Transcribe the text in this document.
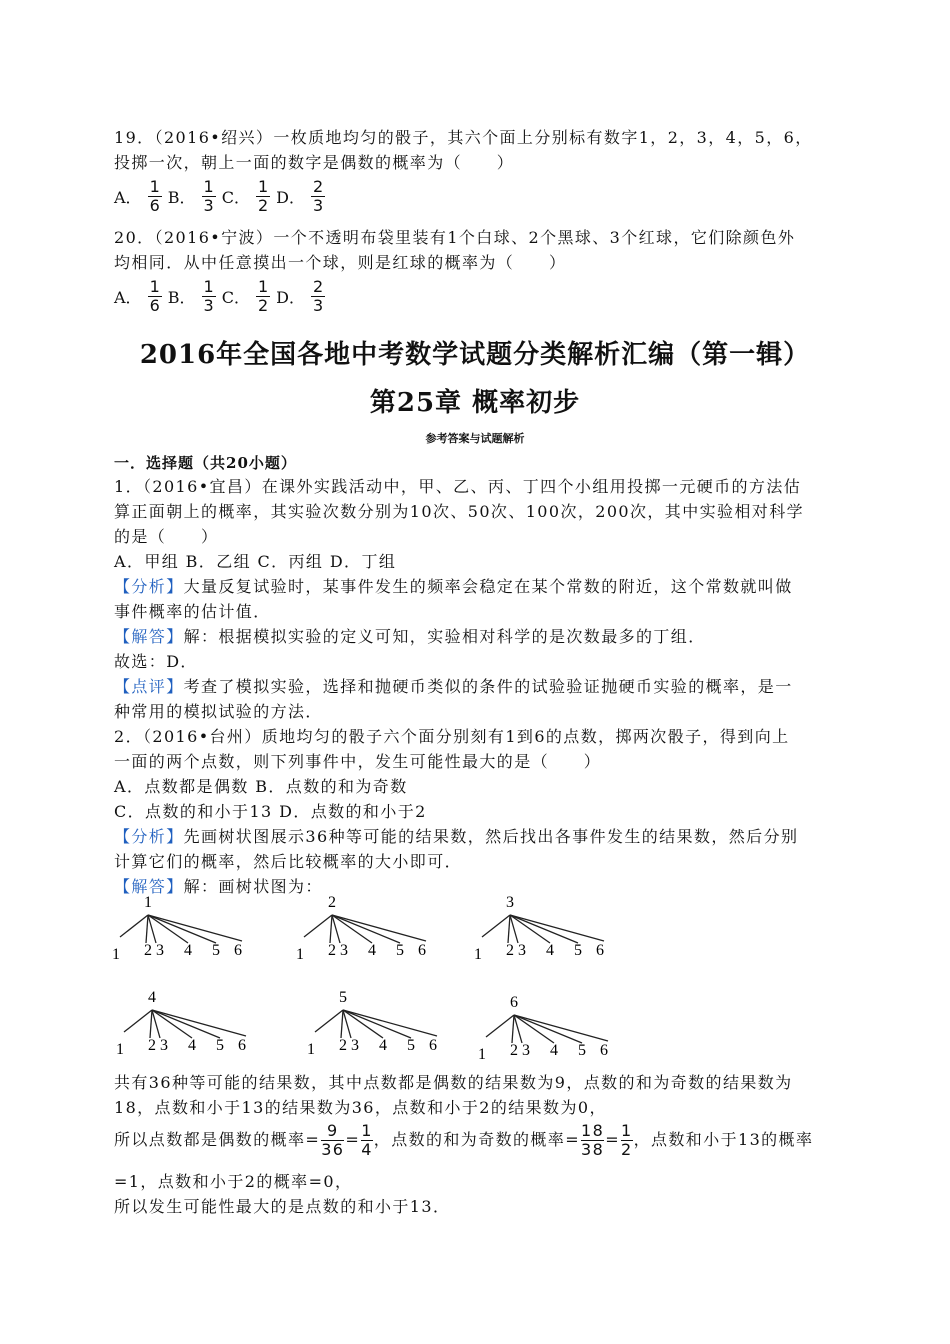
19．（2016•绍兴）一枚质地均匀的骰子，其六个面上分别标有数字1，2，3，4，5，6，
投掷一次，朝上一面的数字是偶数的概率为（　　）
A． $\frac{1}{6}$ B． $\frac{1}{3}$ C． $\frac{1}{2}$ D． $\frac{2}{3}$
20．（2016•宁波）一个不透明布袋里装有1个白球、2个黑球、3个红球，它们除颜色外
均相同．从中任意摸出一个球，则是红球的概率为（　　）
A． $\frac{1}{6}$ B． $\frac{1}{3}$ C． $\frac{1}{2}$ D． $\frac{2}{3}$
2016年全国各地中考数学试题分类解析汇编（第一辑）
第25章 概率初步
参考答案与试题解析
一．选择题（共20小题）
1．（2016•宜昌）在课外实践活动中，甲、乙、丙、丁四个小组用投掷一元硬币的方法估
算正面朝上的概率，其实验次数分别为10次、50次、100次，200次，其中实验相对科学
的是（　　）
A．甲组 B．乙组 C．丙组 D．丁组
【分析】大量反复试验时，某事件发生的频率会稳定在某个常数的附近，这个常数就叫做
事件概率的估计值．
【解答】解：根据模拟实验的定义可知，实验相对科学的是次数最多的丁组．
故选：D．
【点评】考查了模拟实验，选择和抛硬币类似的条件的试验验证抛硬币实验的概率，是一
种常用的模拟试验的方法．
2．（2016•台州）质地均匀的骰子六个面分别刻有1到6的点数，掷两次骰子，得到向上
一面的两个点数，则下列事件中，发生可能性最大的是（　　）
A．点数都是偶数 B．点数的和为奇数
C．点数的和小于13 D．点数的和小于2
【分析】先画树状图展示36种等可能的结果数，然后找出各事件发生的结果数，然后分别
计算它们的概率，然后比较概率的大小即可．
【解答】解：画树状图为：
1
1 2 3 4 5 6
2
1 2 3 4 5 6
3
1 2 3 4 5 6
4
1 2 3 4 5 6
5
1 2 3 4 5 6
6
1 2 3 4 5 6
共有36种等可能的结果数，其中点数都是偶数的结果数为9，点数的和为奇数的结果数为
18，点数和小于13的结果数为36，点数和小于2的结果数为0，
所以点数都是偶数的概率= $\frac{9}{36} = \frac{1}{4}$ ，点数的和为奇数的概率= $\frac{18}{38} = \frac{1}{2}$ ，点数和小于13的概率
=1，点数和小于2的概率=0，
所以发生可能性最大的是点数的和小于13．
